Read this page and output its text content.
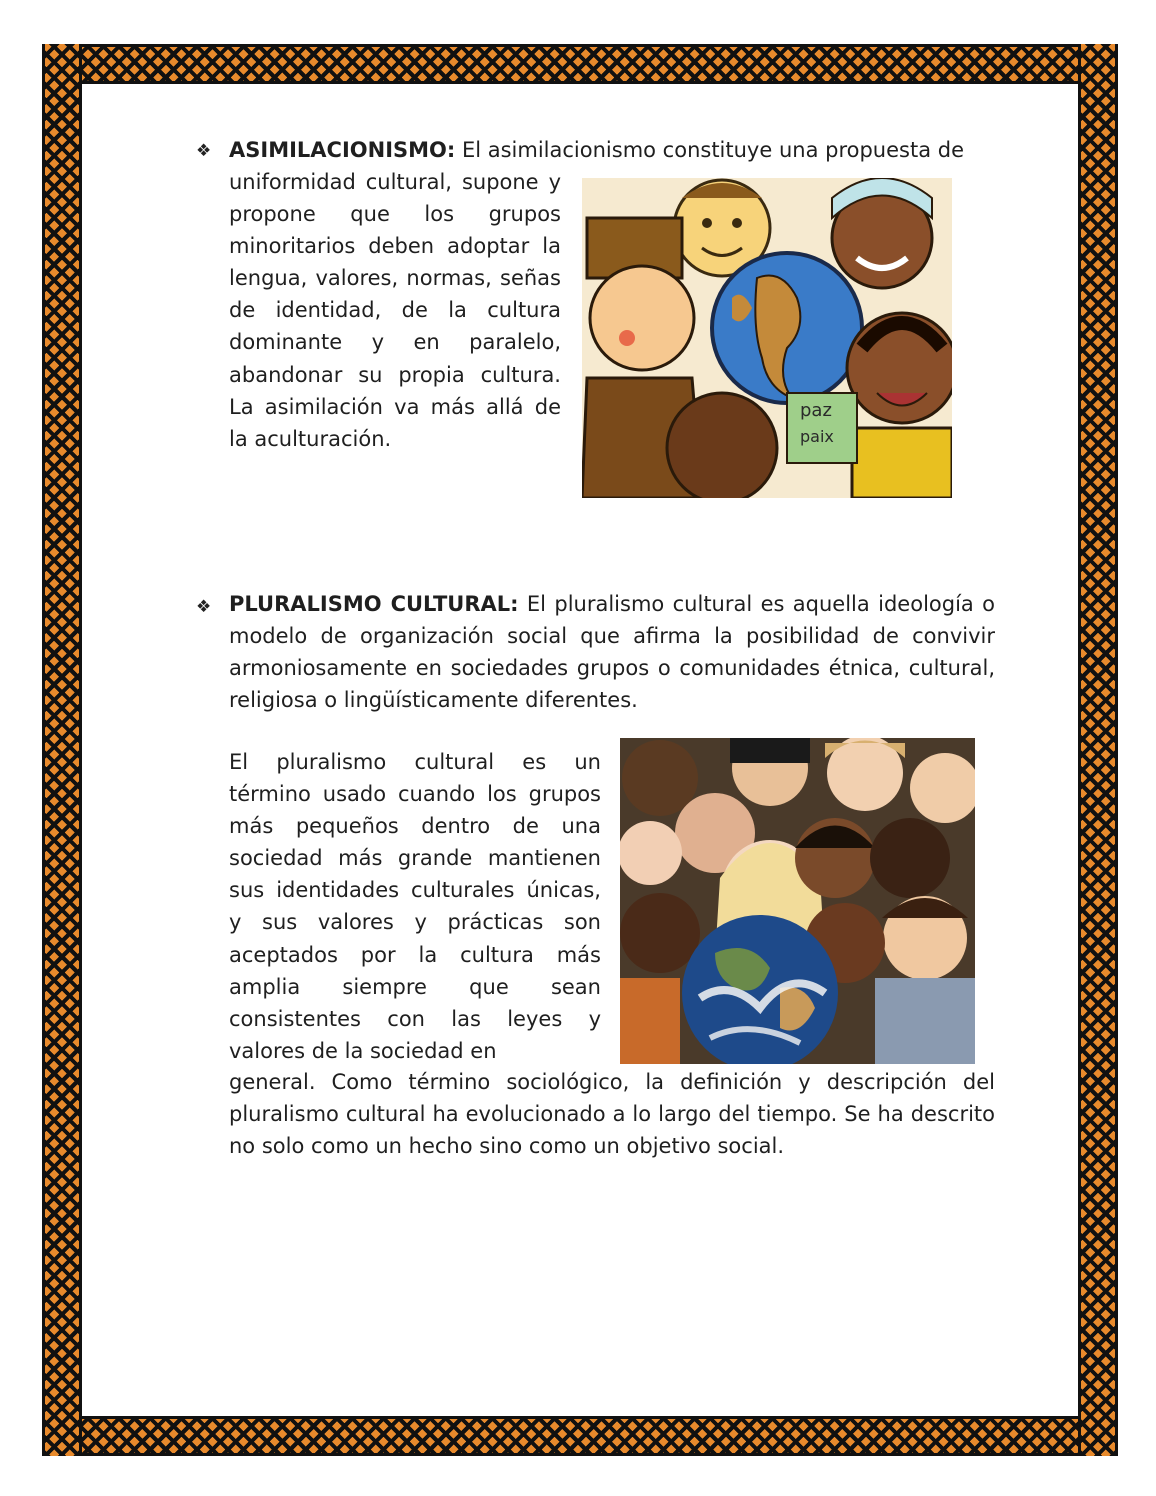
❖ ASIMILACIONISMO: El asimilacionismo constituye una propuesta de

uniformidad cultural, supone y
propone que los grupos
minoritarios deben adoptar la
lengua, valores, normas, señas
de identidad, de la cultura
dominante y en paralelo,
abandonar su propia cultura.
La asimilación va más allá de
la aculturación.
paz
paix
❖ PLURALISMO CULTURAL: El pluralismo cultural es aquella ideología o modelo de organización social que afirma la posibilidad de convivir armoniosamente en sociedades grupos o comunidades étnica, cultural, religiosa o lingüísticamente diferentes.

El pluralismo cultural es un término usado cuando los grupos más pequeños dentro de una sociedad más grande mantienen sus identidades culturales únicas, y sus valores y prácticas son aceptados por la cultura más amplia siempre que sean consistentes con las leyes y valores de la sociedad en

general. Como término sociológico, la definición y descripción del pluralismo cultural ha evolucionado a lo largo del tiempo. Se ha descrito no solo como un hecho sino como un objetivo social.
